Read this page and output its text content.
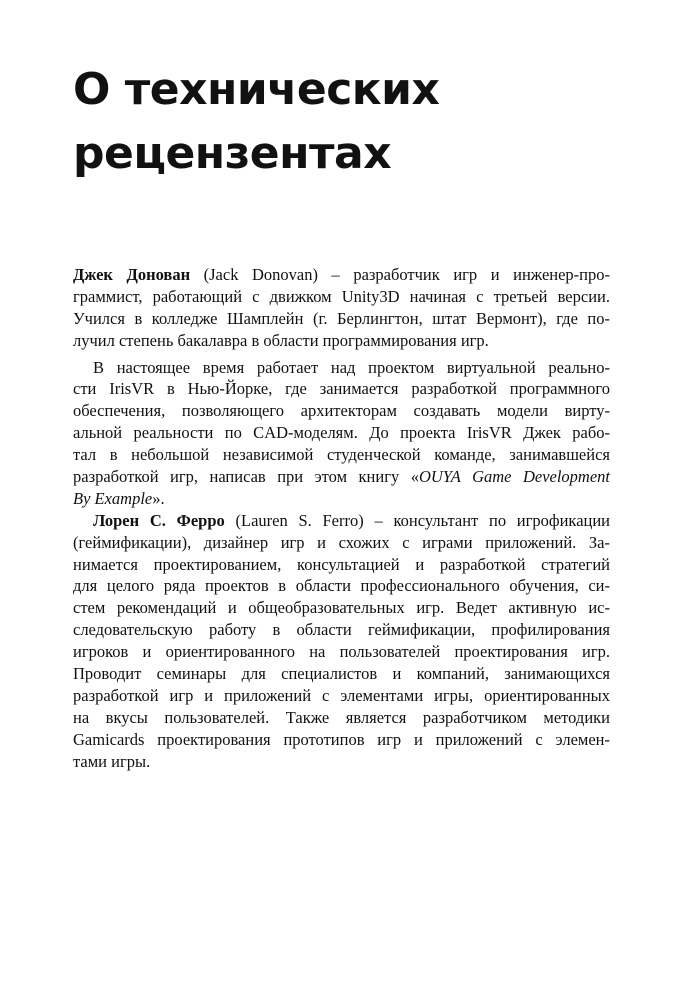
О технических
рецензентах
Джек Донован (Jack Donovan) – разработчик игр и инженер-про-
граммист, работающий с движком Unity3D начиная с третьей версии.
Учился в колледже Шамплейн (г. Берлингтон, штат Вермонт), где по-
лучил степень бакалавра в области программирования игр.
В настоящее время работает над проектом виртуальной реально-
сти IrisVR в Нью-Йорке, где занимается разработкой программного
обеспечения, позволяющего архитекторам создавать модели вирту-
альной реальности по CAD-моделям. До проекта IrisVR Джек рабо-
тал в небольшой независимой студенческой команде, занимавшейся
разработкой игр, написав при этом книгу «OUYA Game Development
By Example».
Лорен С. Ферро (Lauren S. Ferro) – консультант по игрофикации
(геймификации), дизайнер игр и схожих с играми приложений. За-
нимается проектированием, консультацией и разработкой стратегий
для целого ряда проектов в области профессионального обучения, си-
стем рекомендаций и общеобразовательных игр. Ведет активную ис-
следовательскую работу в области геймификации, профилирования
игроков и ориентированного на пользователей проектирования игр.
Проводит семинары для специалистов и компаний, занимающихся
разработкой игр и приложений с элементами игры, ориентированных
на вкусы пользователей. Также является разработчиком методики
Gamicards проектирования прототипов игр и приложений с элемен-
тами игры.
